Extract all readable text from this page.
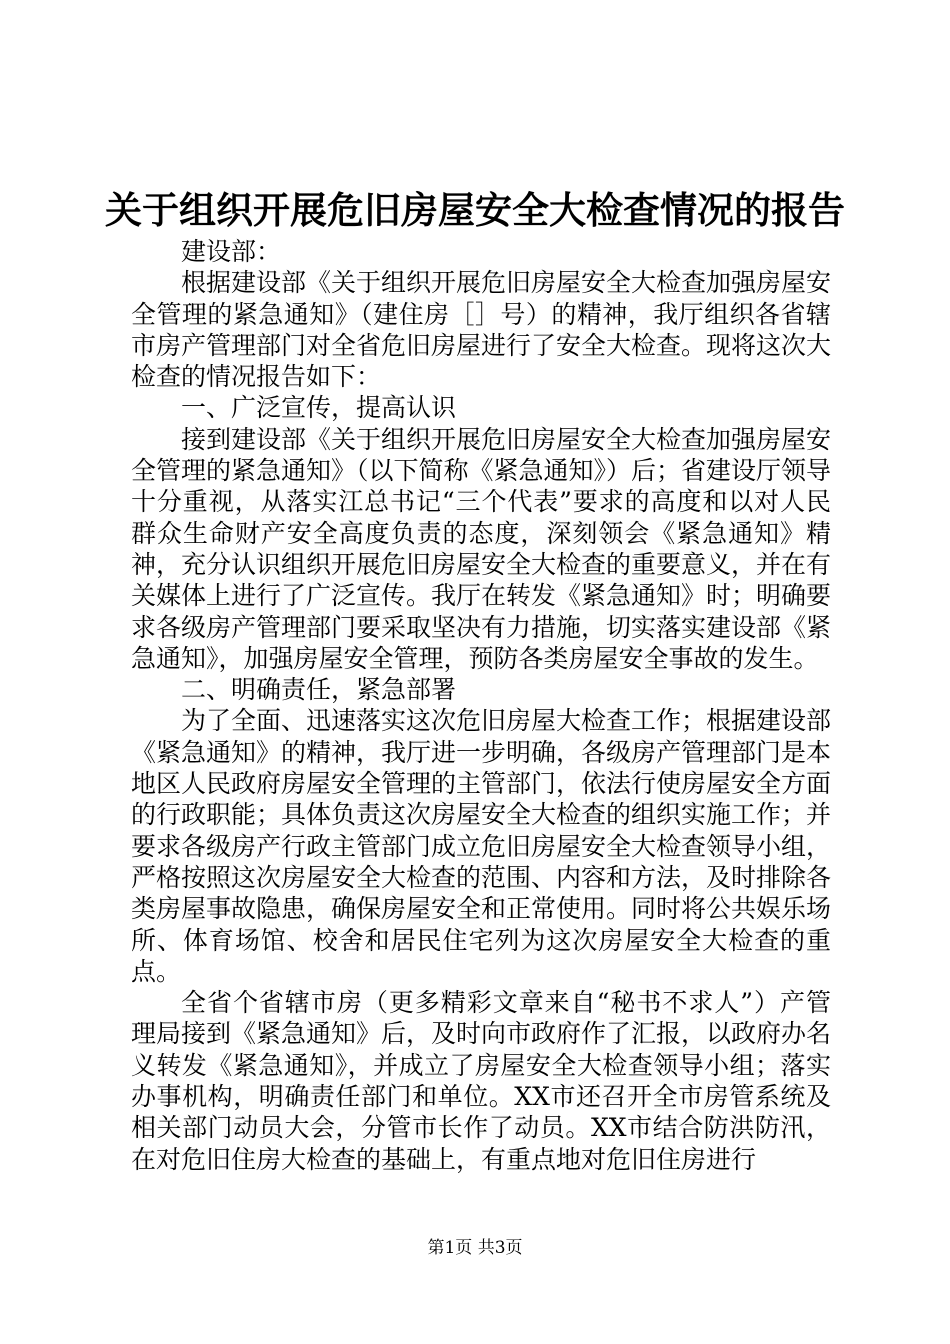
关于组织开展危旧房屋安全大检查情况的报告

建设部：

根据建设部《关于组织开展危旧房屋安全大检查加强房屋安全管理的紧急通知》（建住房［］号）的精神，我厅组织各省辖市房产管理部门对全省危旧房屋进行了安全大检查。现将这次大检查的情况报告如下：

一、广泛宣传，提高认识

接到建设部《关于组织开展危旧房屋安全大检查加强房屋安全管理的紧急通知》（以下简称《紧急通知》）后；省建设厅领导十分重视，从落实江总书记“三个代表”要求的高度和以对人民群众生命财产安全高度负责的态度，深刻领会《紧急通知》精神，充分认识组织开展危旧房屋安全大检查的重要意义，并在有关媒体上进行了广泛宣传。我厅在转发《紧急通知》时；明确要求各级房产管理部门要采取坚决有力措施，切实落实建设部《紧急通知》，加强房屋安全管理，预防各类房屋安全事故的发生。

二、明确责任，紧急部署

为了全面、迅速落实这次危旧房屋大检查工作；根据建设部《紧急通知》的精神，我厅进一步明确，各级房产管理部门是本地区人民政府房屋安全管理的主管部门，依法行使房屋安全方面的行政职能；具体负责这次房屋安全大检查的组织实施工作；并要求各级房产行政主管部门成立危旧房屋安全大检查领导小组，严格按照这次房屋安全大检查的范围、内容和方法，及时排除各类房屋事故隐患，确保房屋安全和正常使用。同时将公共娱乐场所、体育场馆、校舍和居民住宅列为这次房屋安全大检查的重点。

全省个省辖市房（更多精彩文章来自“秘书不求人”）产管理局接到《紧急通知》后，及时向市政府作了汇报，以政府办名义转发《紧急通知》，并成立了房屋安全大检查领导小组；落实办事机构，明确责任部门和单位。XX市还召开全市房管系统及相关部门动员大会，分管市长作了动员。XX市结合防洪防汛，在对危旧住房大检查的基础上，有重点地对危旧住房进行

第1页 共3页
